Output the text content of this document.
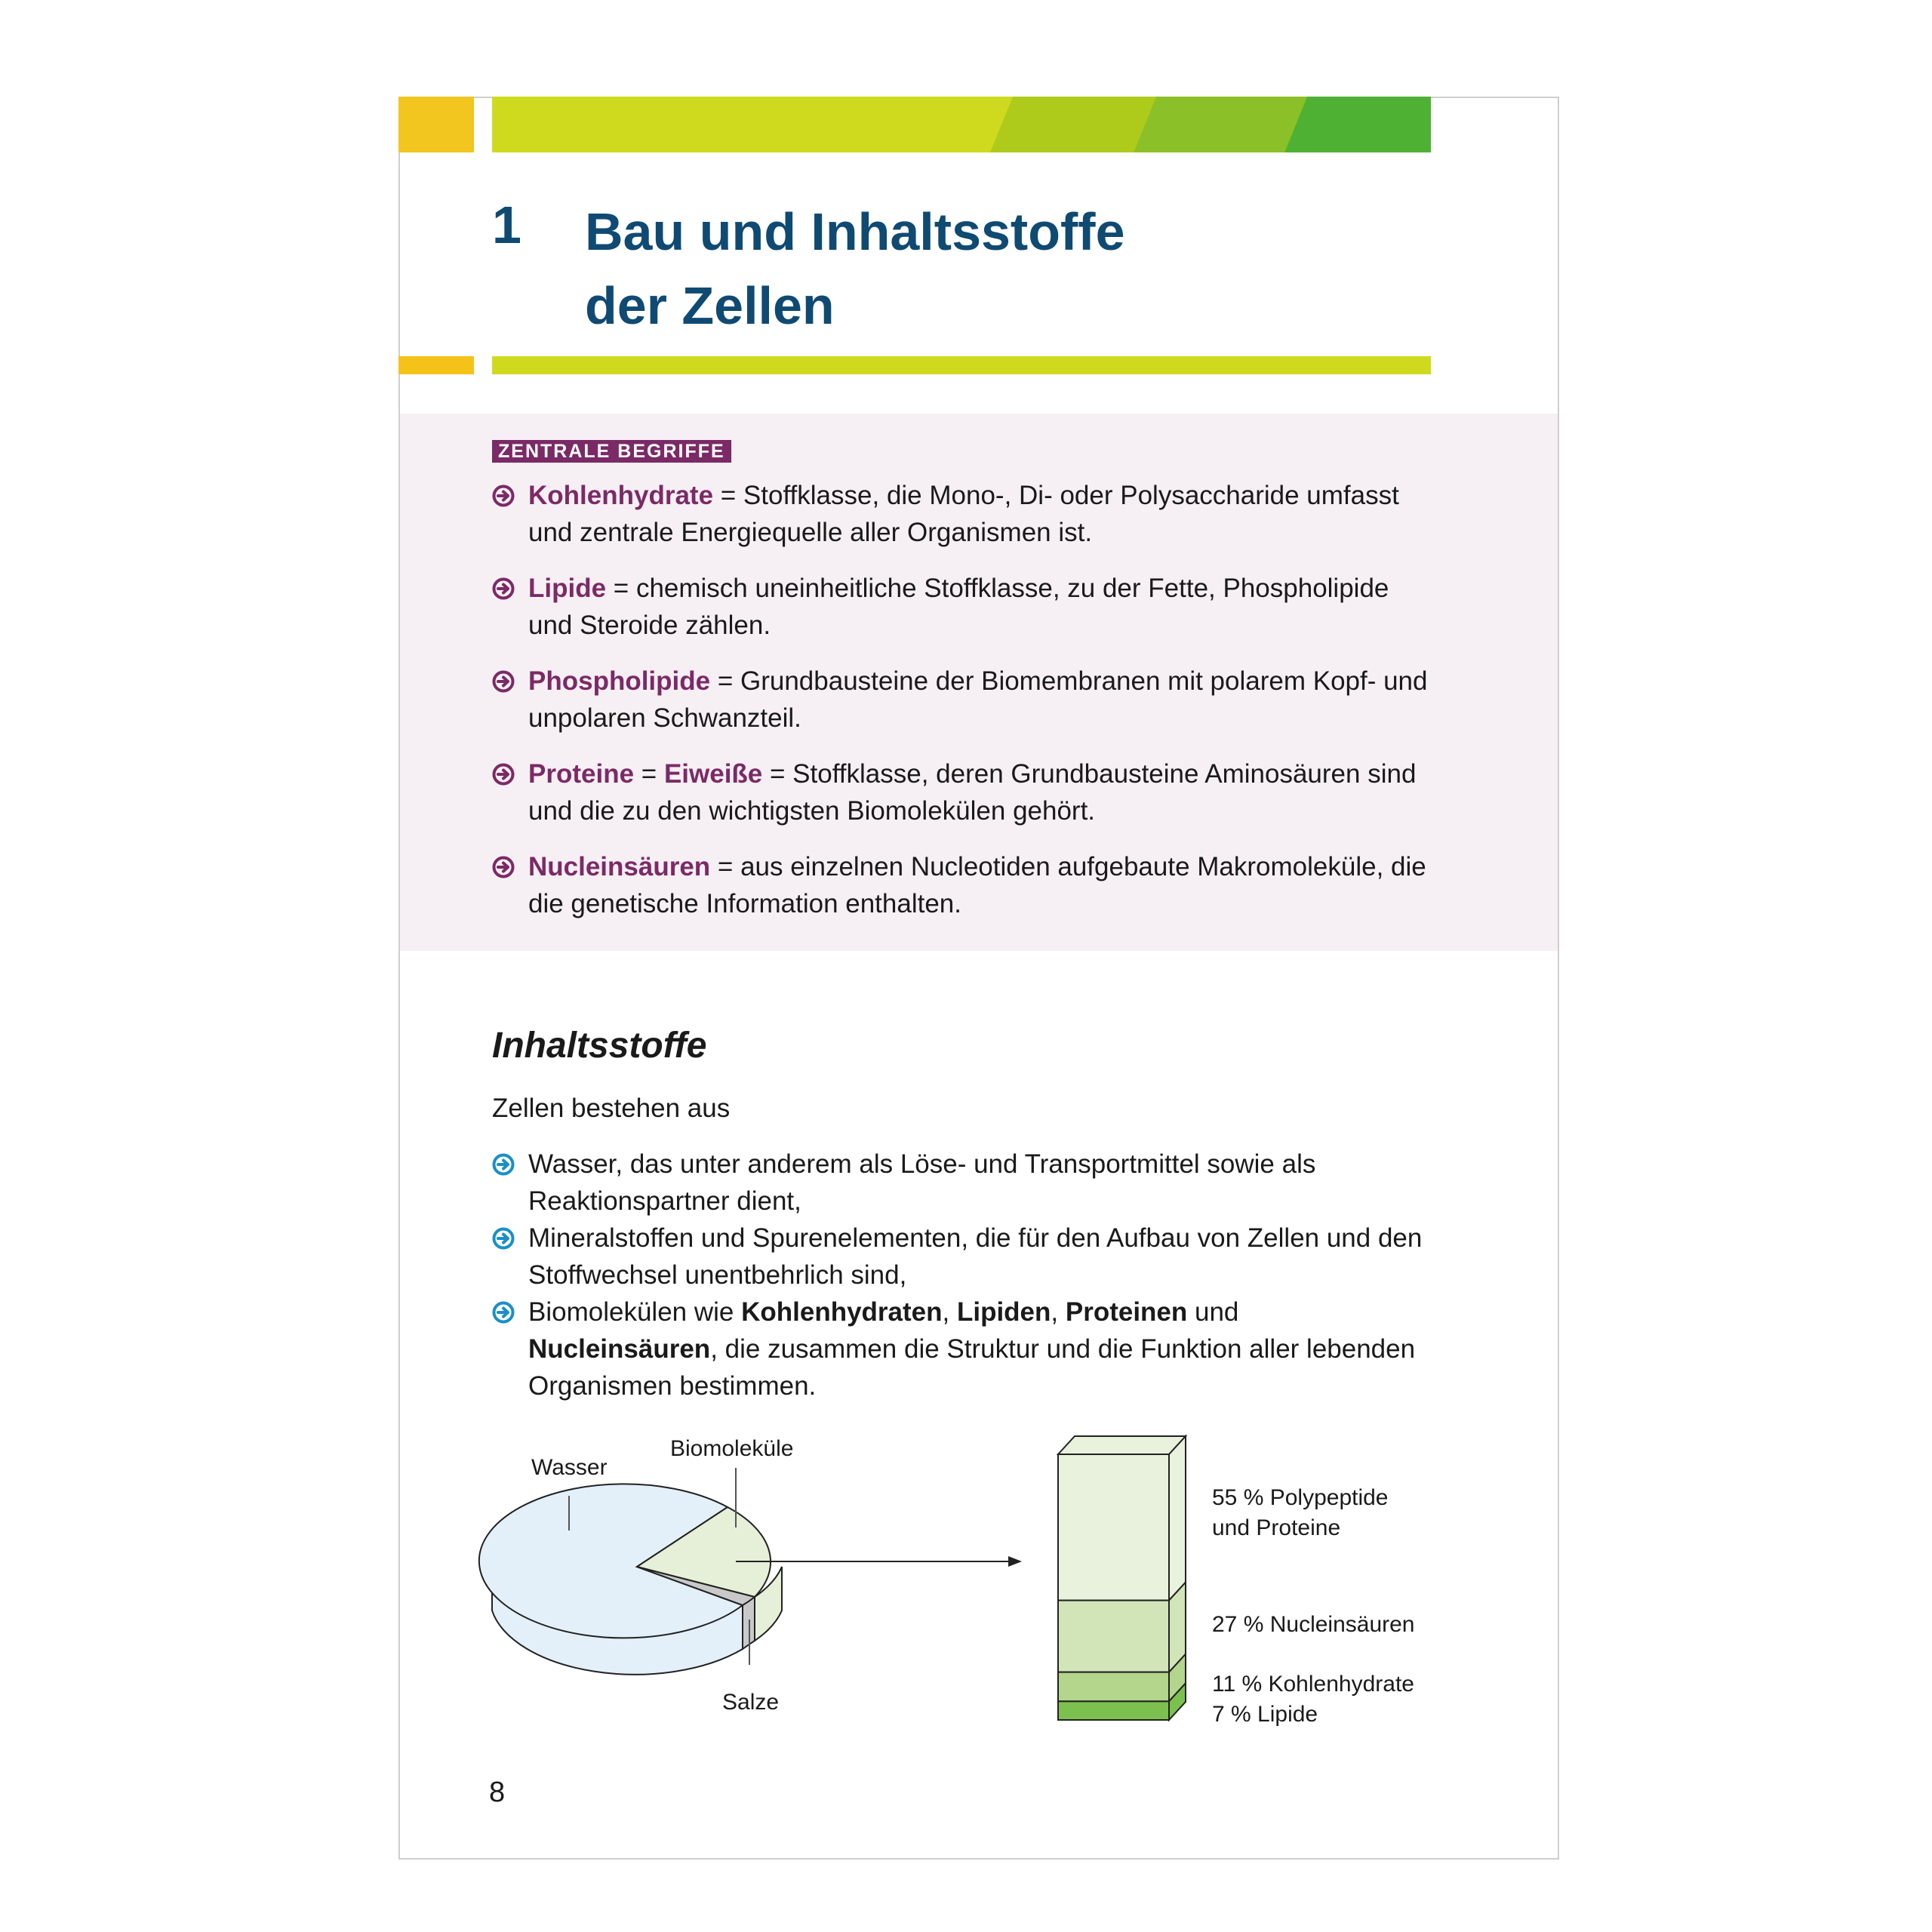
1 Bau und Inhaltsstoffe
der Zellen
ZENTRALE BEGRIFFE
Kohlenhydrate = Stoffklasse, die Mono-, Di- oder Polysaccharide umfasst und zentrale Energiequelle aller Organismen ist.
Lipide = chemisch uneinheitliche Stoffklasse, zu der Fette, Phospholipide und Steroide zählen.
Phospholipide = Grundbausteine der Biomembranen mit polarem Kopf- und unpolaren Schwanzteil.
Proteine = Eiweiße = Stoffklasse, deren Grundbausteine Aminosäuren sind und die zu den wichtigsten Biomolekülen gehört.
Nucleinsäuren = aus einzelnen Nucleotiden aufgebaute Makromoleküle, die die genetische Information enthalten.
Inhaltsstoffe
Zellen bestehen aus
Wasser, das unter anderem als Löse- und Transportmittel sowie als Reaktionspartner dient,
Mineralstoffen und Spurenelementen, die für den Aufbau von Zellen und den Stoffwechsel unentbehrlich sind,
Biomolekülen wie Kohlenhydraten, Lipiden, Proteinen und Nucleinsäuren, die zusammen die Struktur und die Funktion aller lebenden Organismen bestimmen.
Wasser
Biomoleküle
Salze
55 % Polypeptide
und Proteine
27 % Nucleinsäuren
11 % Kohlenhydrate
7 % Lipide
8
